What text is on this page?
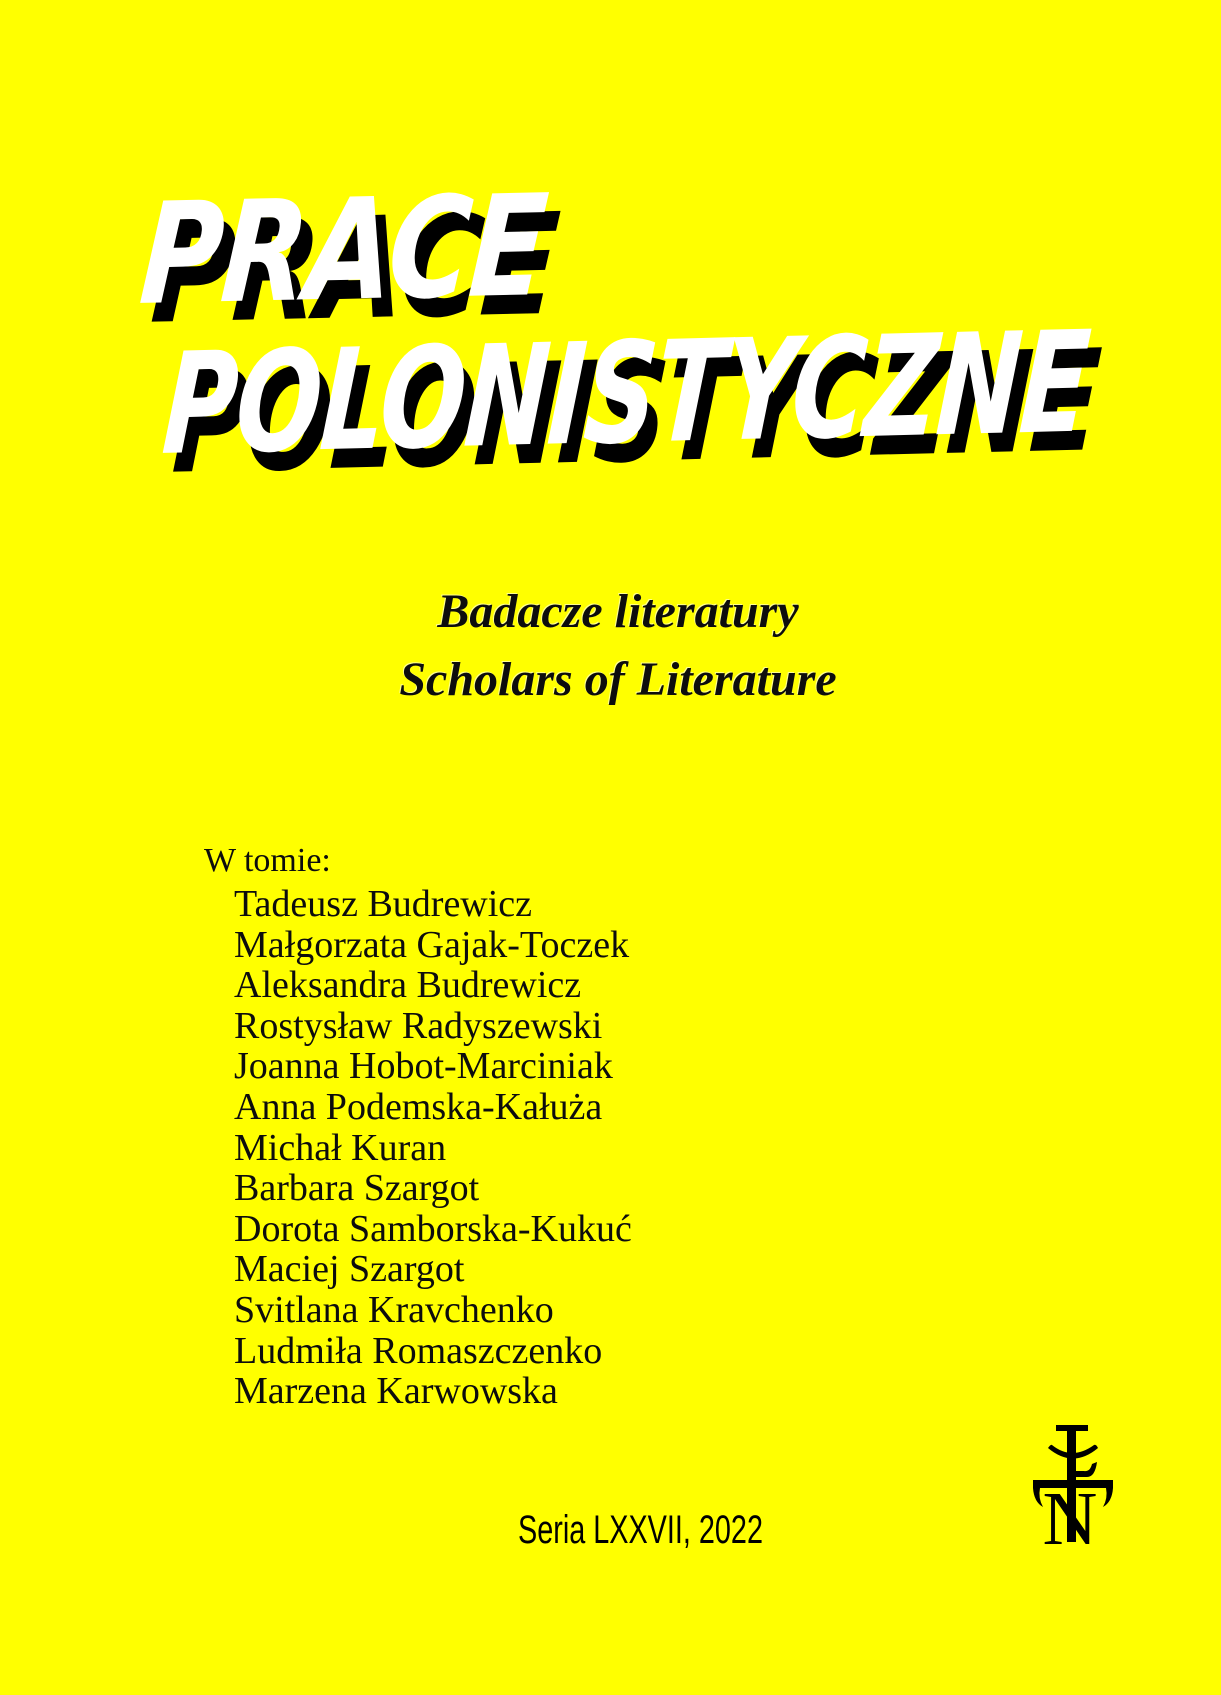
PRACE
POLONISTYCZNE
Badacze literatury
Scholars of Literature
W tomie:
Tadeusz Budrewicz
Małgorzata Gajak-Toczek
Aleksandra Budrewicz
Rostysław Radyszewski
Joanna Hobot-Marciniak
Anna Podemska-Kałuża
Michał Kuran
Barbara Szargot
Dorota Samborska-Kukuć
Maciej Szargot
Svitlana Kravchenko
Ludmiła Romaszczenko
Marzena Karwowska
Seria LXXVII, 2022	N
